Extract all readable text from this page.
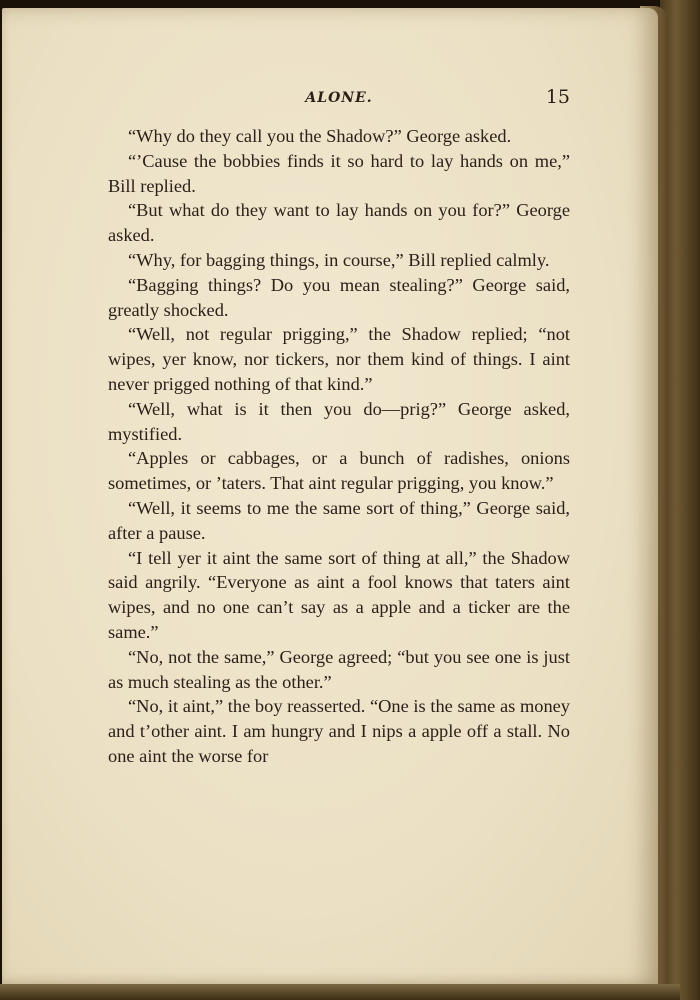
ALONE.	15

“Why do they call you the Shadow?” George asked.

“’Cause the bobbies finds it so hard to lay hands on me,” Bill replied.

“But what do they want to lay hands on you for?” George asked.

“Why, for bagging things, in course,” Bill replied calmly.

“Bagging things? Do you mean stealing?” George said, greatly shocked.

“Well, not regular prigging,” the Shadow replied; “not wipes, yer know, nor tickers, nor them kind of things. I aint never prigged nothing of that kind.”

“Well, what is it then you do—prig?” George asked, mystified.

“Apples or cabbages, or a bunch of radishes, onions sometimes, or ’taters. That aint regular prigging, you know.”

“Well, it seems to me the same sort of thing,” George said, after a pause.

“I tell yer it aint the same sort of thing at all,” the Shadow said angrily. “Everyone as aint a fool knows that taters aint wipes, and no one can’t say as a apple and a ticker are the same.”

“No, not the same,” George agreed; “but you see one is just as much stealing as the other.”

“No, it aint,” the boy reasserted. “One is the same as money and t’other aint. I am hungry and I nips a apple off a stall. No one aint the worse for
